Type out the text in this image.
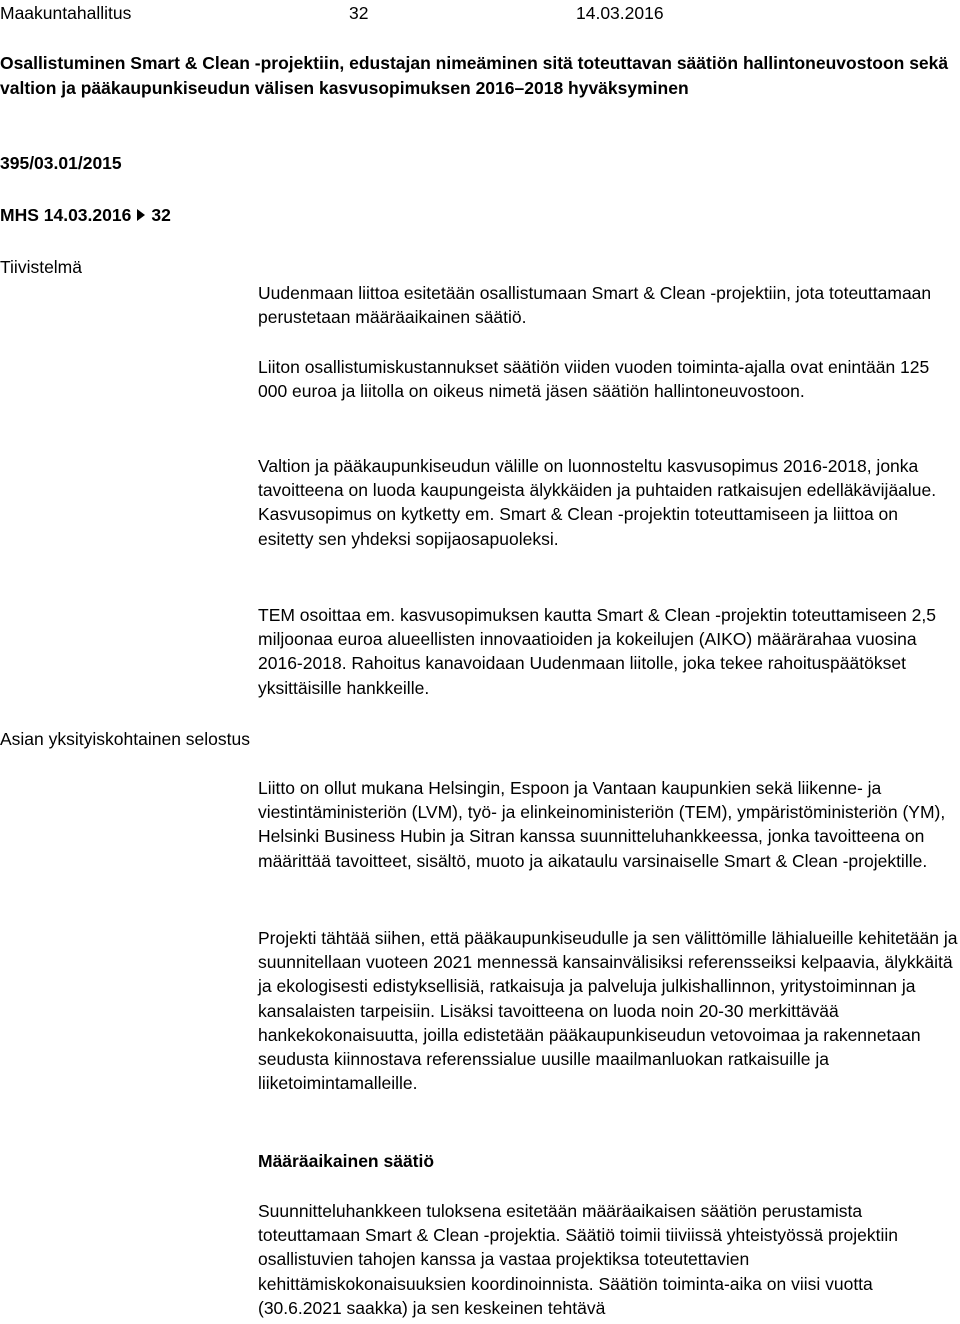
Maakuntahallitus	32	14.03.2016
Osallistuminen Smart & Clean -projektiin, edustajan nimeäminen sitä toteuttavan säätiön hallintoneuvostoon sekä valtion ja pääkaupunkiseudun välisen kasvusopimuksen 2016–2018 hyväksyminen

395/03.01/2015

MHS 14.03.2016 32

Tiivistelmä

Asian yksityiskohtainen selostus

Uudenmaan liittoa esitetään osallistumaan Smart & Clean -projektiin, jota toteuttamaan perustetaan määräaikainen säätiö.

Liiton osallistumiskustannukset säätiön viiden vuoden toiminta-ajalla ovat enintään 125 000 euroa ja liitolla on oikeus nimetä jäsen säätiön hallintoneuvostoon.

Valtion ja pääkaupunkiseudun välille on luonnosteltu kasvusopimus 2016-2018, jonka tavoitteena on luoda kaupungeista älykkäiden ja puhtaiden ratkaisujen edelläkävijäalue. Kasvusopimus on kytketty em. Smart & Clean -projektin toteuttamiseen ja liittoa on esitetty sen yhdeksi sopijaosapuoleksi.

TEM osoittaa em. kasvusopimuksen kautta Smart & Clean -projektin toteuttamiseen 2,5 miljoonaa euroa alueellisten innovaatioiden ja kokeilujen (AIKO) määrärahaa vuosina 2016-2018. Rahoitus kanavoidaan Uudenmaan liitolle, joka tekee rahoituspäätökset yksittäisille hankkeille.

Liitto on ollut mukana Helsingin, Espoon ja Vantaan kaupunkien sekä liikenne- ja viestintäministeriön (LVM), työ- ja elinkeinoministeriön (TEM), ympäristöministeriön (YM), Helsinki Business Hubin ja Sitran kanssa suunnitteluhankkeessa, jonka tavoitteena on määrittää tavoitteet, sisältö, muoto ja aikataulu varsinaiselle Smart & Clean -projektille.

Projekti tähtää siihen, että pääkaupunkiseudulle ja sen välittömille lähialueille kehitetään ja suunnitellaan vuoteen 2021 mennessä kansainvälisiksi referensseiksi kelpaavia, älykkäitä ja ekologisesti edistyksellisiä, ratkaisuja ja palveluja julkishallinnon, yritystoiminnan ja kansalaisten tarpeisiin. Lisäksi tavoitteena on luoda noin 20-30 merkittävää hankekokonaisuutta, joilla edistetään pääkaupunkiseudun vetovoimaa ja rakennetaan seudusta kiinnostava referenssialue uusille maailmanluokan ratkaisuille ja liiketoimintamalleille.

Määräaikainen säätiö

Suunnitteluhankkeen tuloksena esitetään määräaikaisen säätiön perustamista toteuttamaan Smart & Clean -projektia. Säätiö toimii tiiviissä yhteistyössä projektiin osallistuvien tahojen kanssa ja vastaa projektiksa toteutettavien kehittämiskokonaisuuksien koordinoinnista. Säätiön toiminta-aika on viisi vuotta (30.6.2021 saakka) ja sen keskeinen tehtävä
